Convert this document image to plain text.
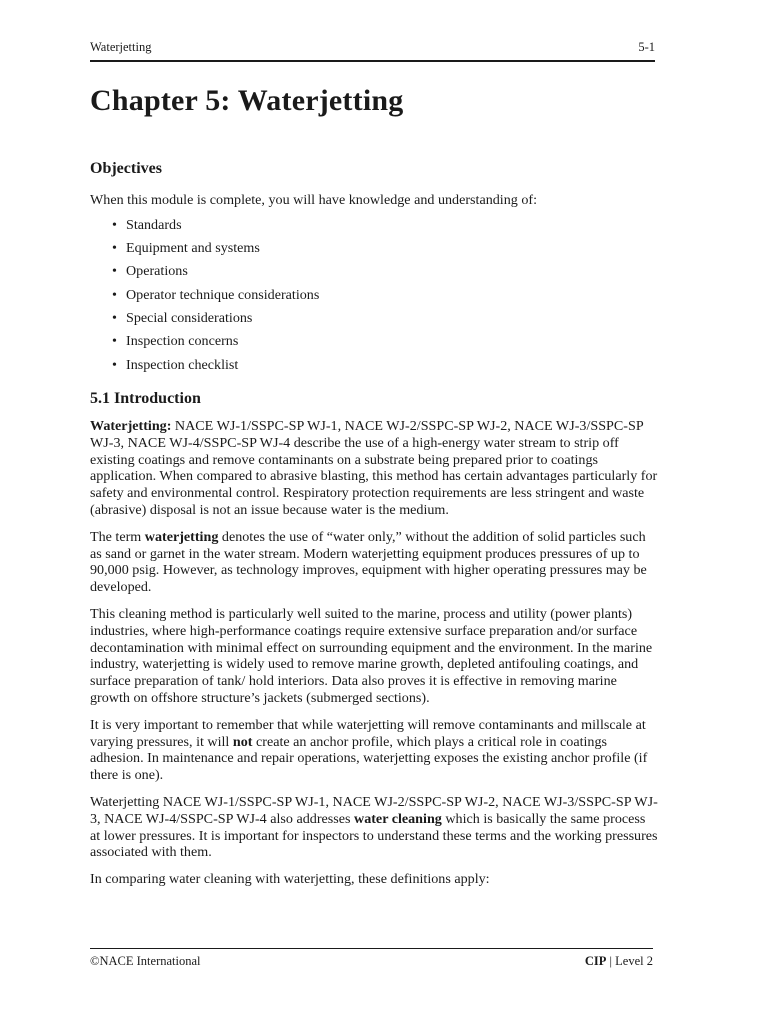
Waterjetting	5-1
Chapter 5: Waterjetting
Objectives

When this module is complete, you will have knowledge and understanding of:

• Standards
• Equipment and systems
• Operations
• Operator technique considerations
• Special considerations
• Inspection concerns
• Inspection checklist
5.1 Introduction

Waterjetting: NACE WJ-1/SSPC-SP WJ-1, NACE WJ-2/SSPC-SP WJ-2, NACE WJ-3/SSPC-SP WJ-3, NACE WJ-4/SSPC-SP WJ-4 describe the use of a high-energy water stream to strip off existing coatings and remove contaminants on a substrate being prepared prior to coatings application. When compared to abrasive blasting, this method has certain advantages particularly for safety and environmental control. Respiratory protection requirements are less stringent and waste (abrasive) disposal is not an issue because water is the medium.

The term waterjetting denotes the use of “water only,” without the addition of solid particles such as sand or garnet in the water stream. Modern waterjetting equipment produces pressures of up to 90,000 psig. However, as technology improves, equipment with higher operating pressures may be developed.

This cleaning method is particularly well suited to the marine, process and utility (power plants) industries, where high-performance coatings require extensive surface preparation and/or surface decontamination with minimal effect on surrounding equipment and the environment. In the marine industry, waterjetting is widely used to remove marine growth, depleted antifouling coatings, and surface preparation of tank/ hold interiors. Data also proves it is effective in removing marine growth on offshore structure’s jackets (submerged sections).

It is very important to remember that while waterjetting will remove contaminants and millscale at varying pressures, it will not create an anchor profile, which plays a critical role in coatings adhesion. In maintenance and repair operations, waterjetting exposes the existing anchor profile (if there is one).

Waterjetting NACE WJ-1/SSPC-SP WJ-1, NACE WJ-2/SSPC-SP WJ-2, NACE WJ-3/SSPC-SP WJ-3, NACE WJ-4/SSPC-SP WJ-4 also addresses water cleaning which is basically the same process at lower pressures. It is important for inspectors to understand these terms and the working pressures associated with them.

In comparing water cleaning with waterjetting, these definitions apply:

©NACE International	CIP | Level 2
